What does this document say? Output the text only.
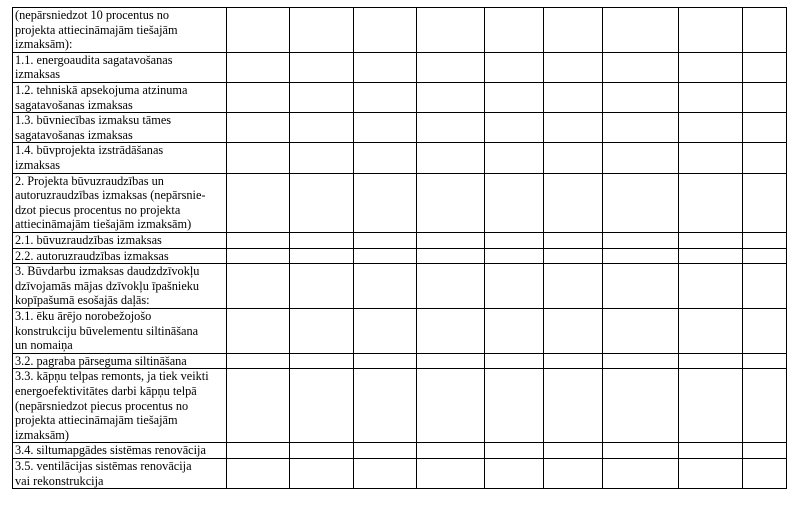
(nepārsniedzot 10 procentus no
projekta attiecināmajām tiešajām
izmaksām):									
1.1. energoaudita sagatavošanas
izmaksas									
1.2. tehniskā apsekojuma atzinuma
sagatavošanas izmaksas									
1.3. būvniecības izmaksu tāmes
sagatavošanas izmaksas									
1.4. būvprojekta izstrādāšanas
izmaksas									
2. Projekta būvuzraudzības un
autoruzraudzības izmaksas (nepārsnie-
dzot piecus procentus no projekta
attiecināmajām tiešajām izmaksām)									
2.1. būvuzraudzības izmaksas									
2.2. autoruzraudzības izmaksas									
3. Būvdarbu izmaksas daudzdzīvokļu
dzīvojamās mājas dzīvokļu īpašnieku
kopīpašumā esošajās daļās:									
3.1. ēku ārējo norobežojošo
konstrukciju būvelementu siltināšana
un nomaiņa									
3.2. pagraba pārseguma siltināšana									
3.3. kāpņu telpas remonts, ja tiek veikti
energoefektivitātes darbi kāpņu telpā
(nepārsniedzot piecus procentus no
projekta attiecināmajām tiešajām
izmaksām)									
3.4. siltumapgādes sistēmas renovācija									
3.5. ventilācijas sistēmas renovācija
vai rekonstrukcija									
